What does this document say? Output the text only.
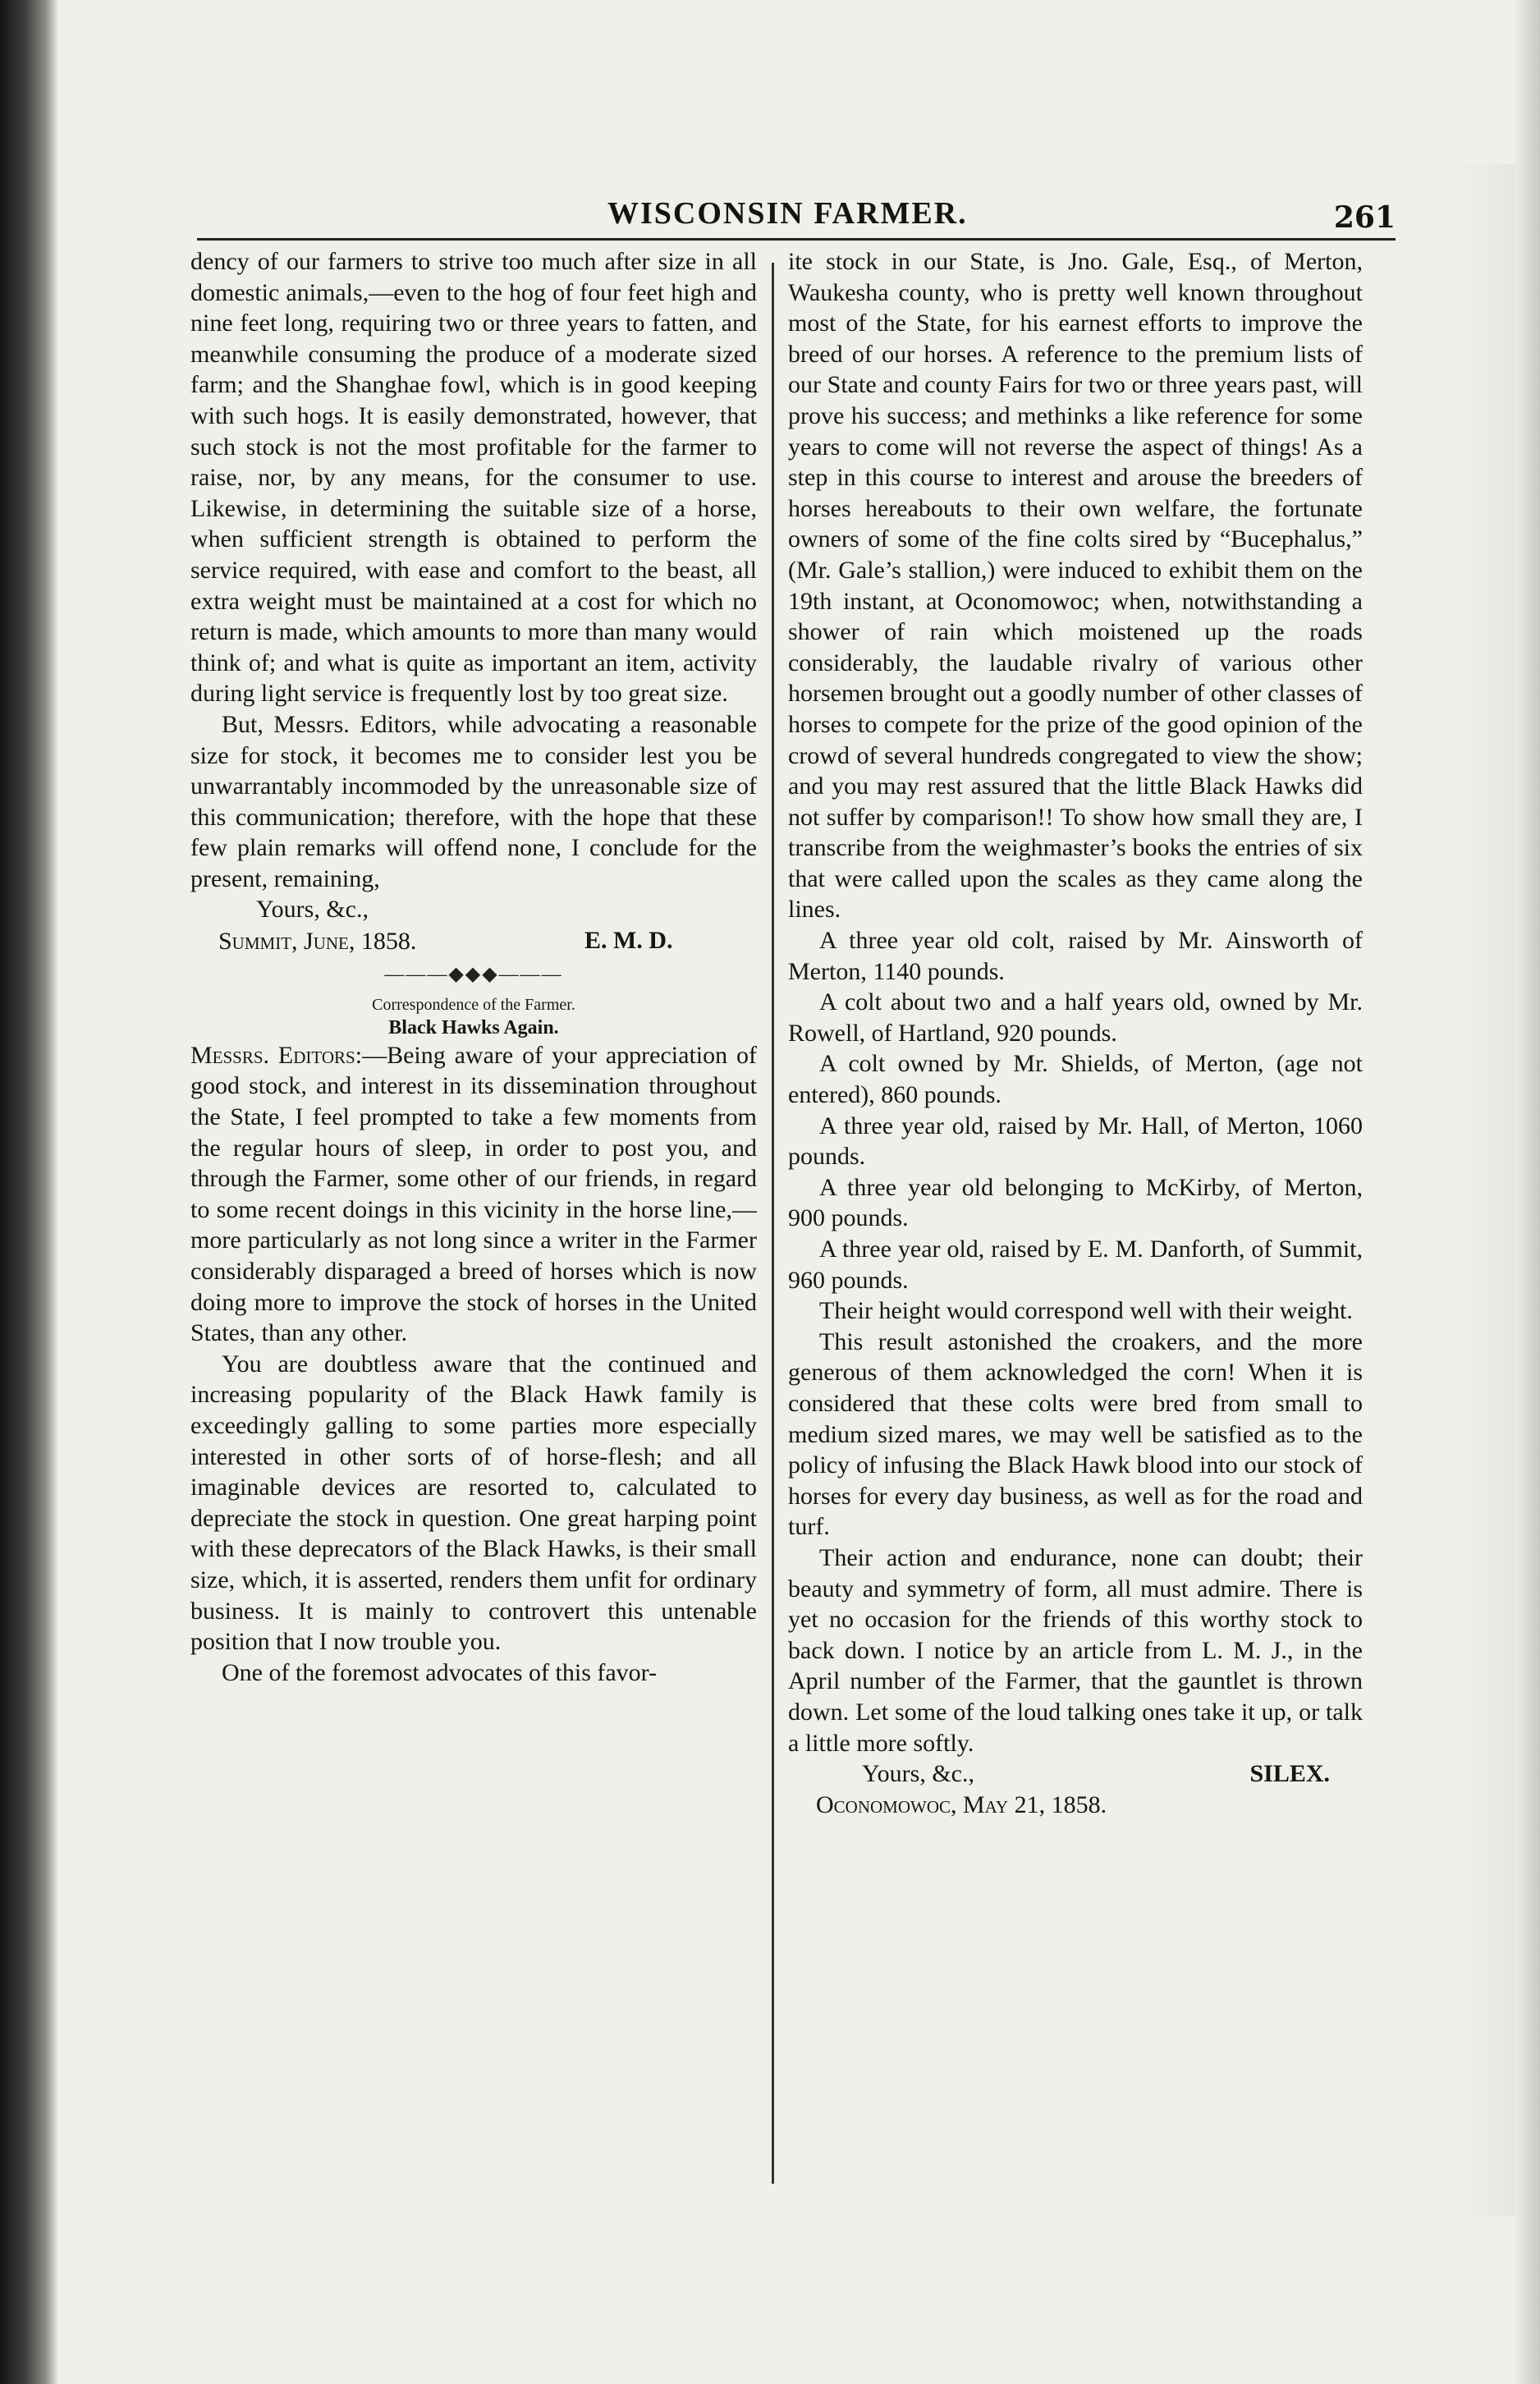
WISCONSIN FARMER.	261

dency of our farmers to strive too much after size in all domestic animals,—even to the hog of four feet high and nine feet long, requiring two or three years to fatten, and meanwhile consuming the produce of a moderate sized farm; and the Shanghae fowl, which is in good keeping with such hogs. It is easily demonstrated, however, that such stock is not the most profitable for the farmer to raise, nor, by any means, for the consumer to use. Likewise, in determining the suitable size of a horse, when sufficient strength is obtained to perform the service required, with ease and comfort to the beast, all extra weight must be maintained at a cost for which no return is made, which amounts to more than many would think of; and what is quite as important an item, activity during light service is frequently lost by too great size.

But, Messrs. Editors, while advocating a reasonable size for stock, it becomes me to consider lest you be unwarrantably incommoded by the unreasonable size of this communication; therefore, with the hope that these few plain remarks will offend none, I conclude for the present, remaining,

Yours, &c.,
E. M. D.
Summit, June, 1858.
———◆◆◆———
Correspondence of the Farmer.
Black Hawks Again.

Messrs. Editors:—Being aware of your appreciation of good stock, and interest in its dissemination throughout the State, I feel prompted to take a few moments from the regular hours of sleep, in order to post you, and through the Farmer, some other of our friends, in regard to some recent doings in this vicinity in the horse line,—more particularly as not long since a writer in the Farmer considerably disparaged a breed of horses which is now doing more to improve the stock of horses in the United States, than any other.

You are doubtless aware that the continued and increasing popularity of the Black Hawk family is exceedingly galling to some parties more especially interested in other sorts of of horse-flesh; and all imaginable devices are resorted to, calculated to depreciate the stock in question. One great harping point with these deprecators of the Black Hawks, is their small size, which, it is asserted, renders them unfit for ordinary business. It is mainly to controvert this untenable position that I now trouble you.

One of the foremost advocates of this favor-

ite stock in our State, is Jno. Gale, Esq., of Merton, Waukesha county, who is pretty well known throughout most of the State, for his earnest efforts to improve the breed of our horses. A reference to the premium lists of our State and county Fairs for two or three years past, will prove his success; and methinks a like reference for some years to come will not reverse the aspect of things! As a step in this course to interest and arouse the breeders of horses hereabouts to their own welfare, the fortunate owners of some of the fine colts sired by “Bucephalus,” (Mr. Gale’s stallion,) were induced to exhibit them on the 19th instant, at Oconomowoc; when, notwithstanding a shower of rain which moistened up the roads considerably, the laudable rivalry of various other horsemen brought out a goodly number of other classes of horses to compete for the prize of the good opinion of the crowd of several hundreds congregated to view the show; and you may rest assured that the little Black Hawks did not suffer by comparison!! To show how small they are, I transcribe from the weighmaster’s books the entries of six that were called upon the scales as they came along the lines.

A three year old colt, raised by Mr. Ainsworth of Merton, 1140 pounds.

A colt about two and a half years old, owned by Mr. Rowell, of Hartland, 920 pounds.

A colt owned by Mr. Shields, of Merton, (age not entered), 860 pounds.

A three year old, raised by Mr. Hall, of Merton, 1060 pounds.

A three year old belonging to McKirby, of Merton, 900 pounds.

A three year old, raised by E. M. Danforth, of Summit, 960 pounds.

Their height would correspond well with their weight.

This result astonished the croakers, and the more generous of them acknowledged the corn! When it is considered that these colts were bred from small to medium sized mares, we may well be satisfied as to the policy of infusing the Black Hawk blood into our stock of horses for every day business, as well as for the road and turf.

Their action and endurance, none can doubt; their beauty and symmetry of form, all must admire. There is yet no occasion for the friends of this worthy stock to back down. I notice by an article from L. M. J., in the April number of the Farmer, that the gauntlet is thrown down. Let some of the loud talking ones take it up, or talk a little more softly.

Yours, &c.,	SILEX.
Oconomowoc, May 21, 1858.
